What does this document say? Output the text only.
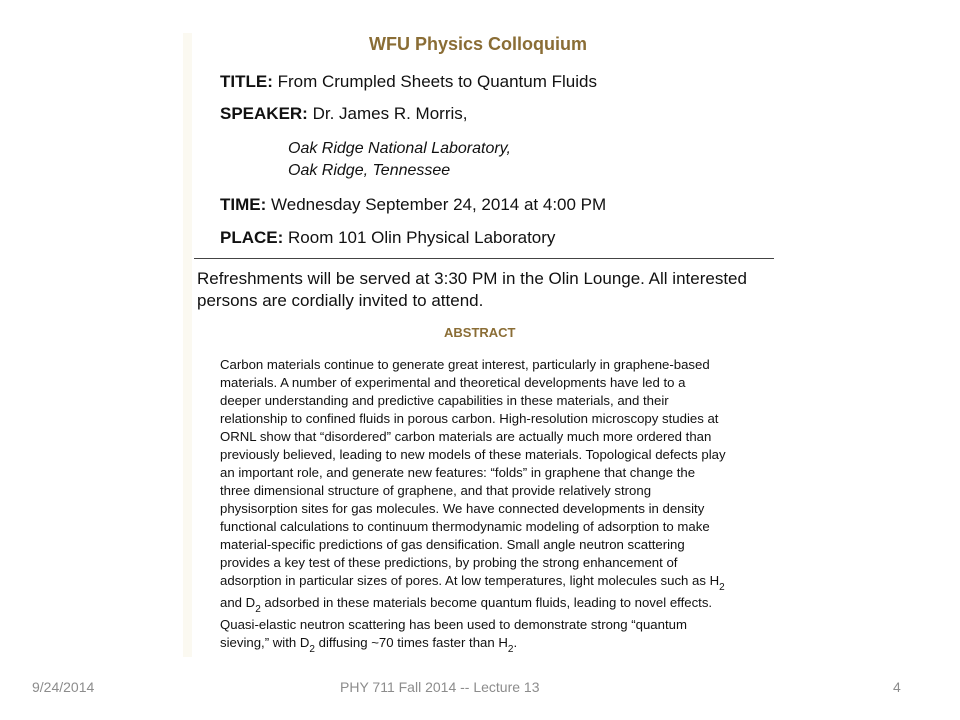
WFU Physics Colloquium
TITLE: From Crumpled Sheets to Quantum Fluids
SPEAKER: Dr. James R. Morris,
Oak Ridge National Laboratory,
Oak Ridge, Tennessee
TIME: Wednesday September 24, 2014 at 4:00 PM
PLACE: Room 101 Olin Physical Laboratory
Refreshments will be served at 3:30 PM in the Olin Lounge. All interested persons are cordially invited to attend.
ABSTRACT
Carbon materials continue to generate great interest, particularly in graphene-based
materials. A number of experimental and theoretical developments have led to a
deeper understanding and predictive capabilities in these materials, and their
relationship to confined fluids in porous carbon. High-resolution microscopy studies at
ORNL show that “disordered” carbon materials are actually much more ordered than
previously believed, leading to new models of these materials. Topological defects play
an important role, and generate new features: “folds” in graphene that change the
three dimensional structure of graphene, and that provide relatively strong
physisorption sites for gas molecules. We have connected developments in density
functional calculations to continuum thermodynamic modeling of adsorption to make
material-specific predictions of gas densification. Small angle neutron scattering
provides a key test of these predictions, by probing the strong enhancement of
adsorption in particular sizes of pores. At low temperatures, light molecules such as $H_2$
and $D_2$ adsorbed in these materials become quantum fluids, leading to novel effects.
Quasi-elastic neutron scattering has been used to demonstrate strong “quantum
sieving,” with $D_2$ diffusing ~70 times faster than $H_2$.
9/24/2014	PHY 711 Fall 2014 -- Lecture 13	4
